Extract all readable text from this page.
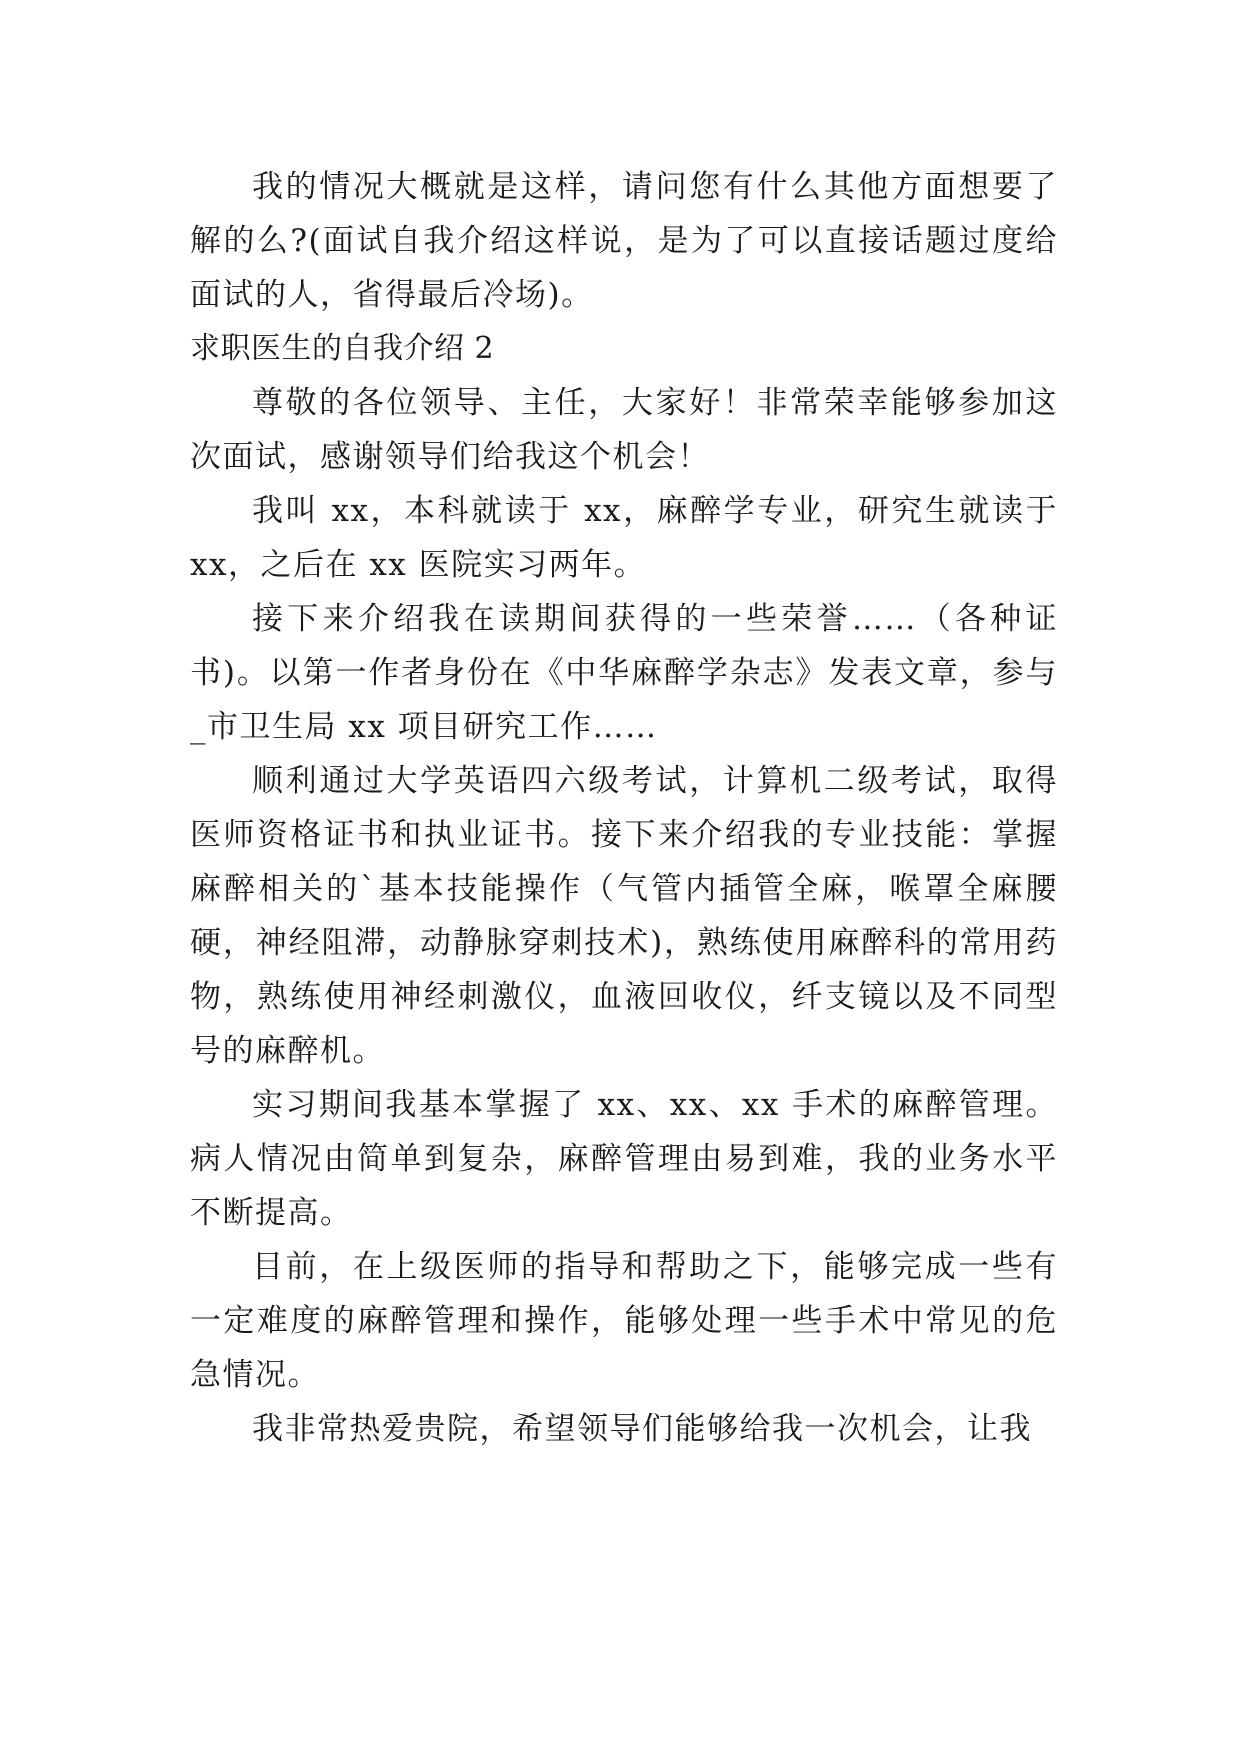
我的情况大概就是这样，请问您有什么其他方面想要了解的么?(面试自我介绍这样说，是为了可以直接话题过度给面试的人，省得最后冷场)。

求职医生的自我介绍 2

尊敬的各位领导、主任，大家好！非常荣幸能够参加这次面试，感谢领导们给我这个机会！

我叫 xx，本科就读于 xx，麻醉学专业，研究生就读于 xx，之后在 xx 医院实习两年。

接下来介绍我在读期间获得的一些荣誉……（各种证书)。以第一作者身份在《中华麻醉学杂志》发表文章，参与_市卫生局 xx 项目研究工作……

顺利通过大学英语四六级考试，计算机二级考试，取得医师资格证书和执业证书。接下来介绍我的专业技能：掌握麻醉相关的`基本技能操作（气管内插管全麻，喉罩全麻腰硬，神经阻滞，动静脉穿刺技术)，熟练使用麻醉科的常用药物，熟练使用神经刺激仪，血液回收仪，纤支镜以及不同型号的麻醉机。

实习期间我基本掌握了 xx、xx、xx 手术的麻醉管理。病人情况由简单到复杂，麻醉管理由易到难，我的业务水平不断提高。

目前，在上级医师的指导和帮助之下，能够完成一些有一定难度的麻醉管理和操作，能够处理一些手术中常见的危急情况。

我非常热爱贵院，希望领导们能够给我一次机会，让我
